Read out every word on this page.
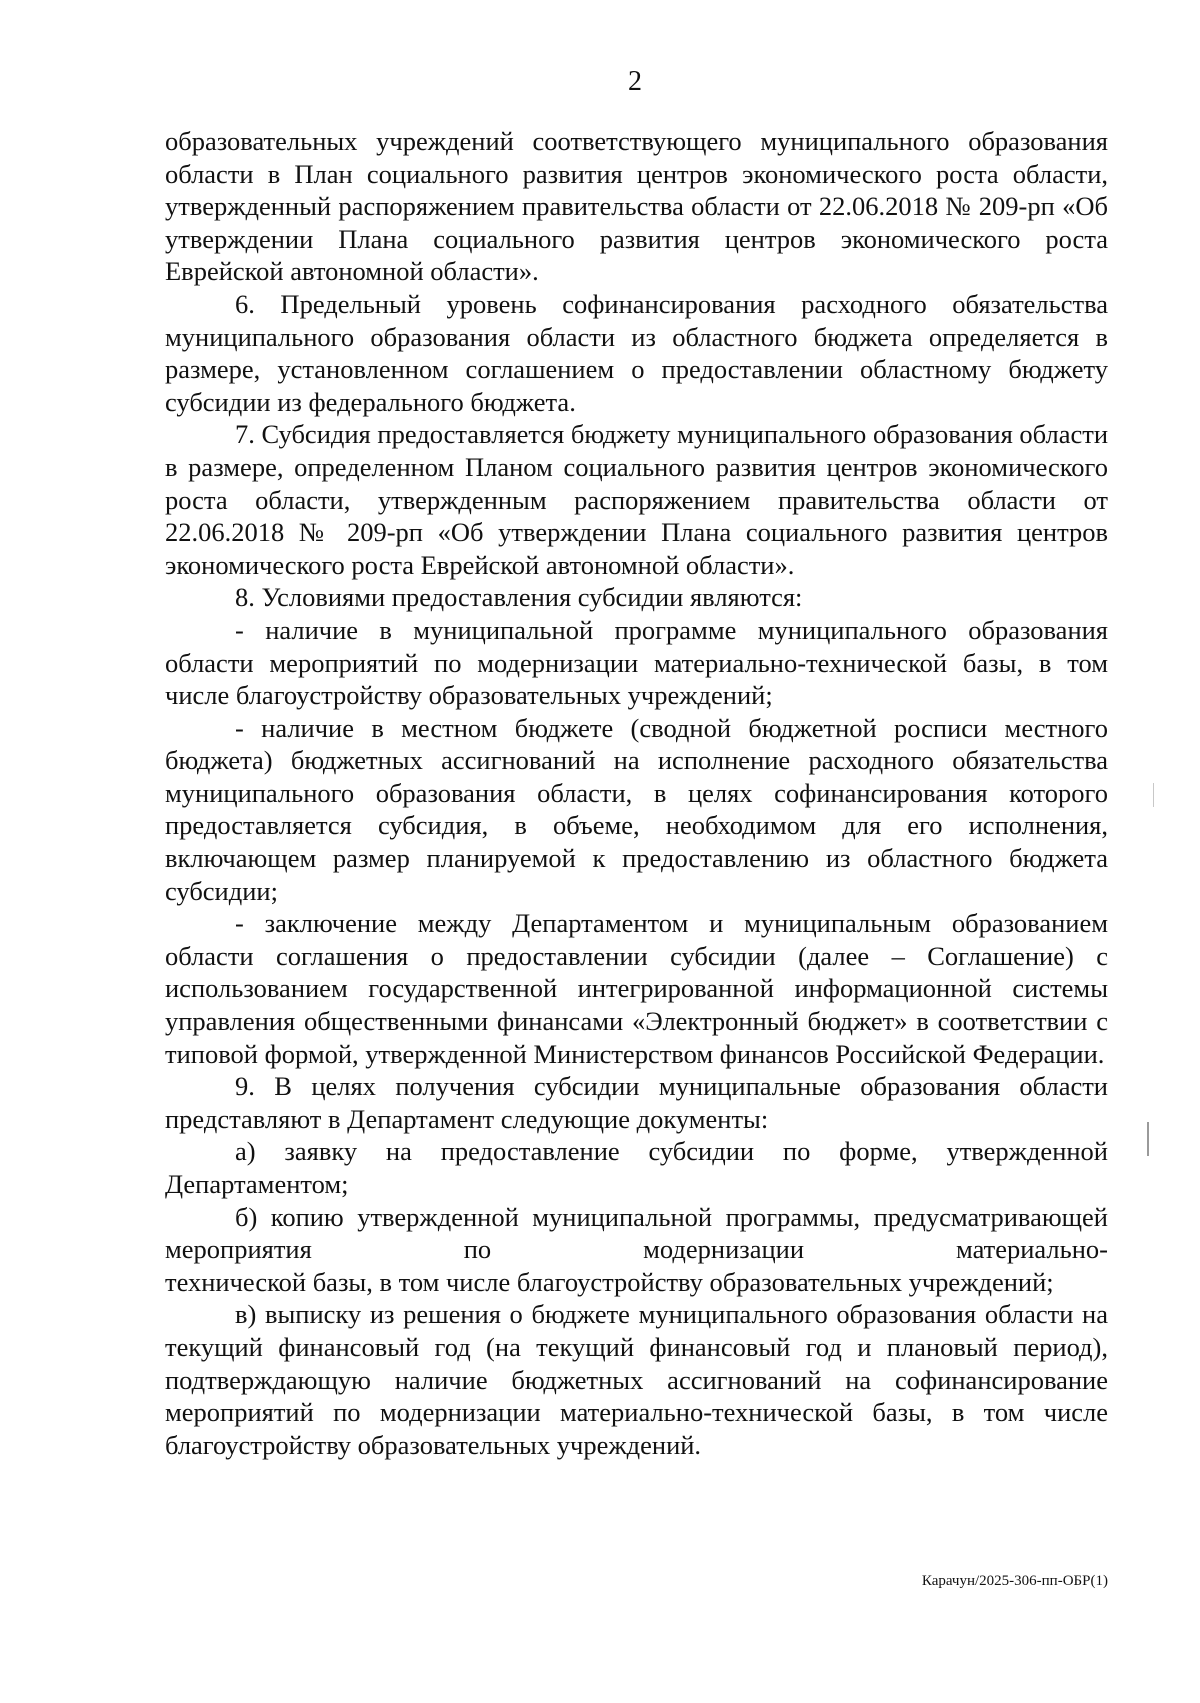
2

образовательных учреждений соответствующего муниципального образования области в План социального развития центров экономического роста области, утвержденный распоряжением правительства области от 22.06.2018 № 209-рп «Об утверждении Плана социального развития центров экономического роста Еврейской автономной области».

6. Предельный уровень софинансирования расходного обязательства муниципального образования области из областного бюджета определяется в размере, установленном соглашением о предоставлении областному бюджету субсидии из федерального бюджета.

7. Субсидия предоставляется бюджету муниципального образования области в размере, определенном Планом социального развития центров экономического роста области, утвержденным распоряжением правительства области от 22.06.2018 № 209-рп «Об утверждении Плана социального развития центров экономического роста Еврейской автономной области».

8. Условиями предоставления субсидии являются:

- наличие в муниципальной программе муниципального образования области мероприятий по модернизации материально-технической базы, в том числе благоустройству образовательных учреждений;

- наличие в местном бюджете (сводной бюджетной росписи местного бюджета) бюджетных ассигнований на исполнение расходного обязательства муниципального образования области, в целях софинансирования которого предоставляется субсидия, в объеме, необходимом для его исполнения, включающем размер планируемой к предоставлению из областного бюджета субсидии;

- заключение между Департаментом и муниципальным образованием области соглашения о предоставлении субсидии (далее – Соглашение) с использованием государственной интегрированной информационной системы управления общественными финансами «Электронный бюджет» в соответствии с типовой формой, утвержденной Министерством финансов Российской Федерации.

9. В целях получения субсидии муниципальные образования области представляют в Департамент следующие документы:

а) заявку на предоставление субсидии по форме, утвержденной Департаментом;

б) копию утвержденной муниципальной программы, предусматривающей мероприятия по модернизации материально-

технической базы, в том числе благоустройству образовательных учреждений;

в) выписку из решения о бюджете муниципального образования области на текущий финансовый год (на текущий финансовый год и плановый период), подтверждающую наличие бюджетных ассигнований на софинансирование мероприятий по модернизации материально-технической базы, в том числе благоустройству образовательных учреждений.

Карачун/2025-306-пп-ОБР(1)
